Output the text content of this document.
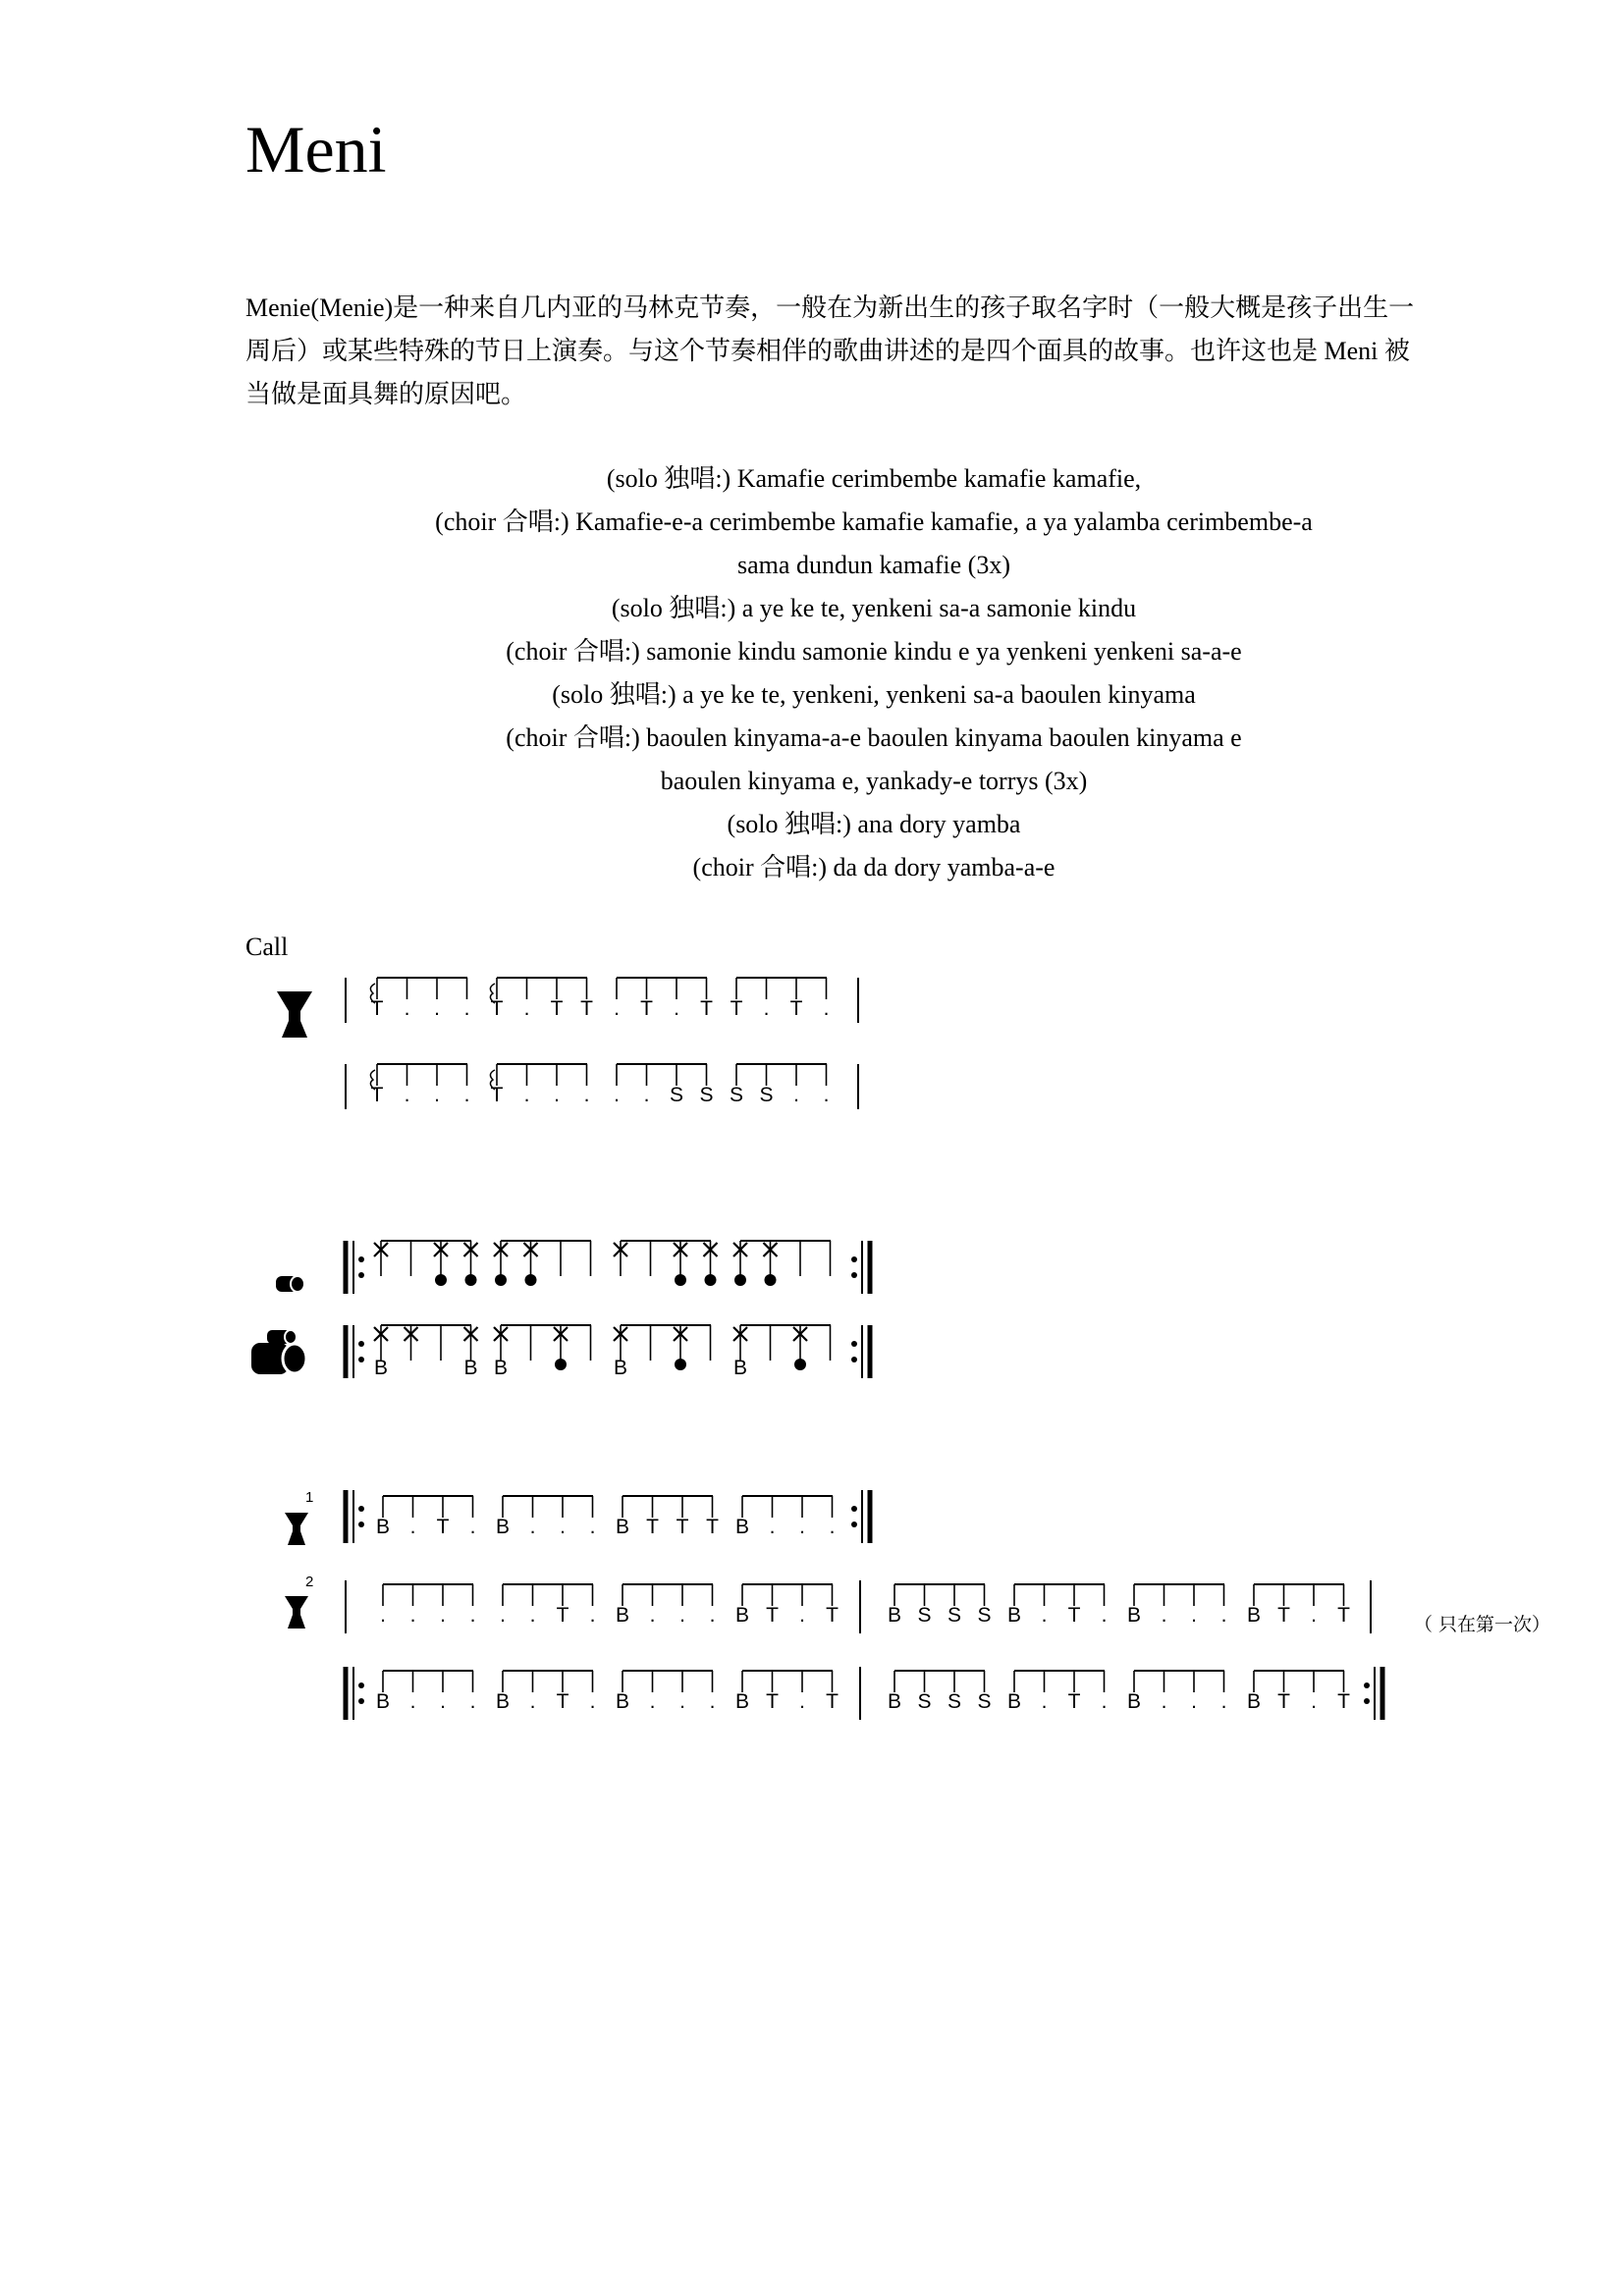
Meni
Menie(Menie)是一种来自几内亚的马林克节奏，一般在为新出生的孩子取名字时（一般大概是孩子出生一周后）或某些特殊的节日上演奏。与这个节奏相伴的歌曲讲述的是四个面具的故事。也许这也是 Meni 被当做是面具舞的原因吧。
(solo 独唱:) Kamafie cerimbembe kamafie kamafie,
(choir 合唱:) Kamafie-e-a cerimbembe kamafie kamafie, a ya yalamba cerimbembe-a
sama dundun kamafie (3x)
(solo 独唱:) a ye ke te, yenkeni sa-a samonie kindu
(choir 合唱:) samonie kindu samonie kindu e ya yenkeni yenkeni sa-a-e
(solo 独唱:) a ye ke te, yenkeni, yenkeni sa-a baoulen kinyama
(choir 合唱:) baoulen kinyama-a-e baoulen kinyama baoulen kinyama e
baoulen kinyama e, yankady-e torrys (3x)
(solo 独唱:) ana dory yamba
(choir 合唱:) da da dory yamba-a-e
Call
（ 只在第一次）
1
2
T . . . T . T T . T . T T . T .
T . . . T . . . . . S S S S . .
B	B B	B	B
B . T . B . . . B T T T B . . .
. . . . . . T . B . . . B T . T B S S S B . T . B . . . B T . T
B . . . B . T . B . . . B T . T B S S S B . T . B . . . B T . T
